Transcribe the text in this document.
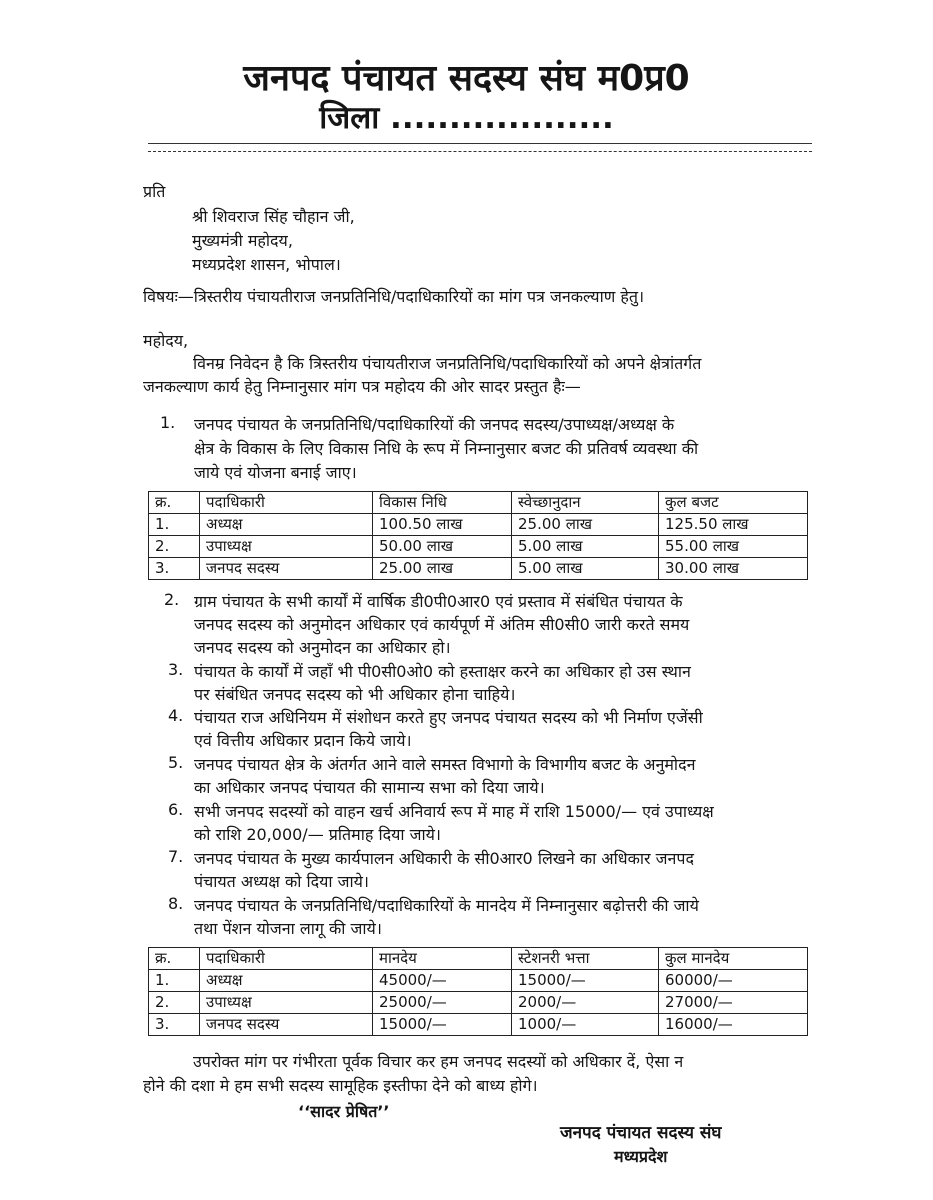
जनपद पंचायत सदस्य संघ म0प्र0
जिला ...................
प्रति
श्री शिवराज सिंह चौहान जी,
मुख्यमंत्री महोदय,
मध्यप्रदेश शासन, भोपाल।
विषयः—त्रिस्तरीय पंचायतीराज जनप्रतिनिधि/पदाधिकारियों का मांग पत्र जनकल्याण हेतु।
महोदय,
विनम्र निवेदन है कि त्रिस्तरीय पंचायतीराज जनप्रतिनिधि/पदाधिकारियों को अपने क्षेत्रांतर्गत
जनकल्याण कार्य हेतु निम्नानुसार मांग पत्र महोदय की ओर सादर प्रस्तुत हैः—
1. जनपद पंचायत के जनप्रतिनिधि/पदाधिकारियों की जनपद सदस्य/उपाध्यक्ष/अध्यक्ष के
क्षेत्र के विकास के लिए विकास निधि के रूप में निम्नानुसार बजट की प्रतिवर्ष व्यवस्था की
जाये एवं योजना बनाई जाए।
क्र.	पदाधिकारी	विकास निधि	स्वेच्छानुदान	कुल बजट
1.	अध्यक्ष	100.50 लाख	25.00 लाख	125.50 लाख
2.	उपाध्यक्ष	50.00 लाख	5.00 लाख	55.00 लाख
3.	जनपद सदस्य	25.00 लाख	5.00 लाख	30.00 लाख
2. ग्राम पंचायत के सभी कार्यों में वार्षिक डी0पी0आर0 एवं प्रस्ताव में संबंधित पंचायत के
जनपद सदस्य को अनुमोदन अधिकार एवं कार्यपूर्ण में अंतिम सी0सी0 जारी करते समय
जनपद सदस्य को अनुमोदन का अधिकार हो।
3. पंचायत के कार्यों में जहाँ भी पी0सी0ओ0 को हस्ताक्षर करने का अधिकार हो उस स्थान
पर संबंधित जनपद सदस्य को भी अधिकार होना चाहिये।
4. पंचायत राज अधिनियम में संशोधन करते हुए जनपद पंचायत सदस्य को भी निर्माण एजेंसी
एवं वित्तीय अधिकार प्रदान किये जाये।
5. जनपद पंचायत क्षेत्र के अंतर्गत आने वाले समस्त विभागो के विभागीय बजट के अनुमोदन
का अधिकार जनपद पंचायत की सामान्य सभा को दिया जाये।
6. सभी जनपद सदस्यों को वाहन खर्च अनिवार्य रूप में माह में राशि 15000/— एवं उपाध्यक्ष
को राशि 20,000/— प्रतिमाह दिया जाये।
7. जनपद पंचायत के मुख्य कार्यपालन अधिकारी के सी0आर0 लिखने का अधिकार जनपद
पंचायत अध्यक्ष को दिया जाये।
8. जनपद पंचायत के जनप्रतिनिधि/पदाधिकारियों के मानदेय में निम्नानुसार बढ़ोत्तरी की जाये
तथा पेंशन योजना लागू की जाये।
क्र.	पदाधिकारी	मानदेय	स्टेशनरी भत्ता	कुल मानदेय
1.	अध्यक्ष	45000/—	15000/—	60000/—
2.	उपाध्यक्ष	25000/—	2000/—	27000/—
3.	जनपद सदस्य	15000/—	1000/—	16000/—
उपरोक्त मांग पर गंभीरता पूर्वक विचार कर हम जनपद सदस्यों को अधिकार दें, ऐसा न
होने की दशा मे हम सभी सदस्य सामूहिक इस्तीफा देने को बाध्य होगे।
‘‘सादर प्रेषित’’
जनपद पंचायत सदस्य संघ
मध्यप्रदेश
